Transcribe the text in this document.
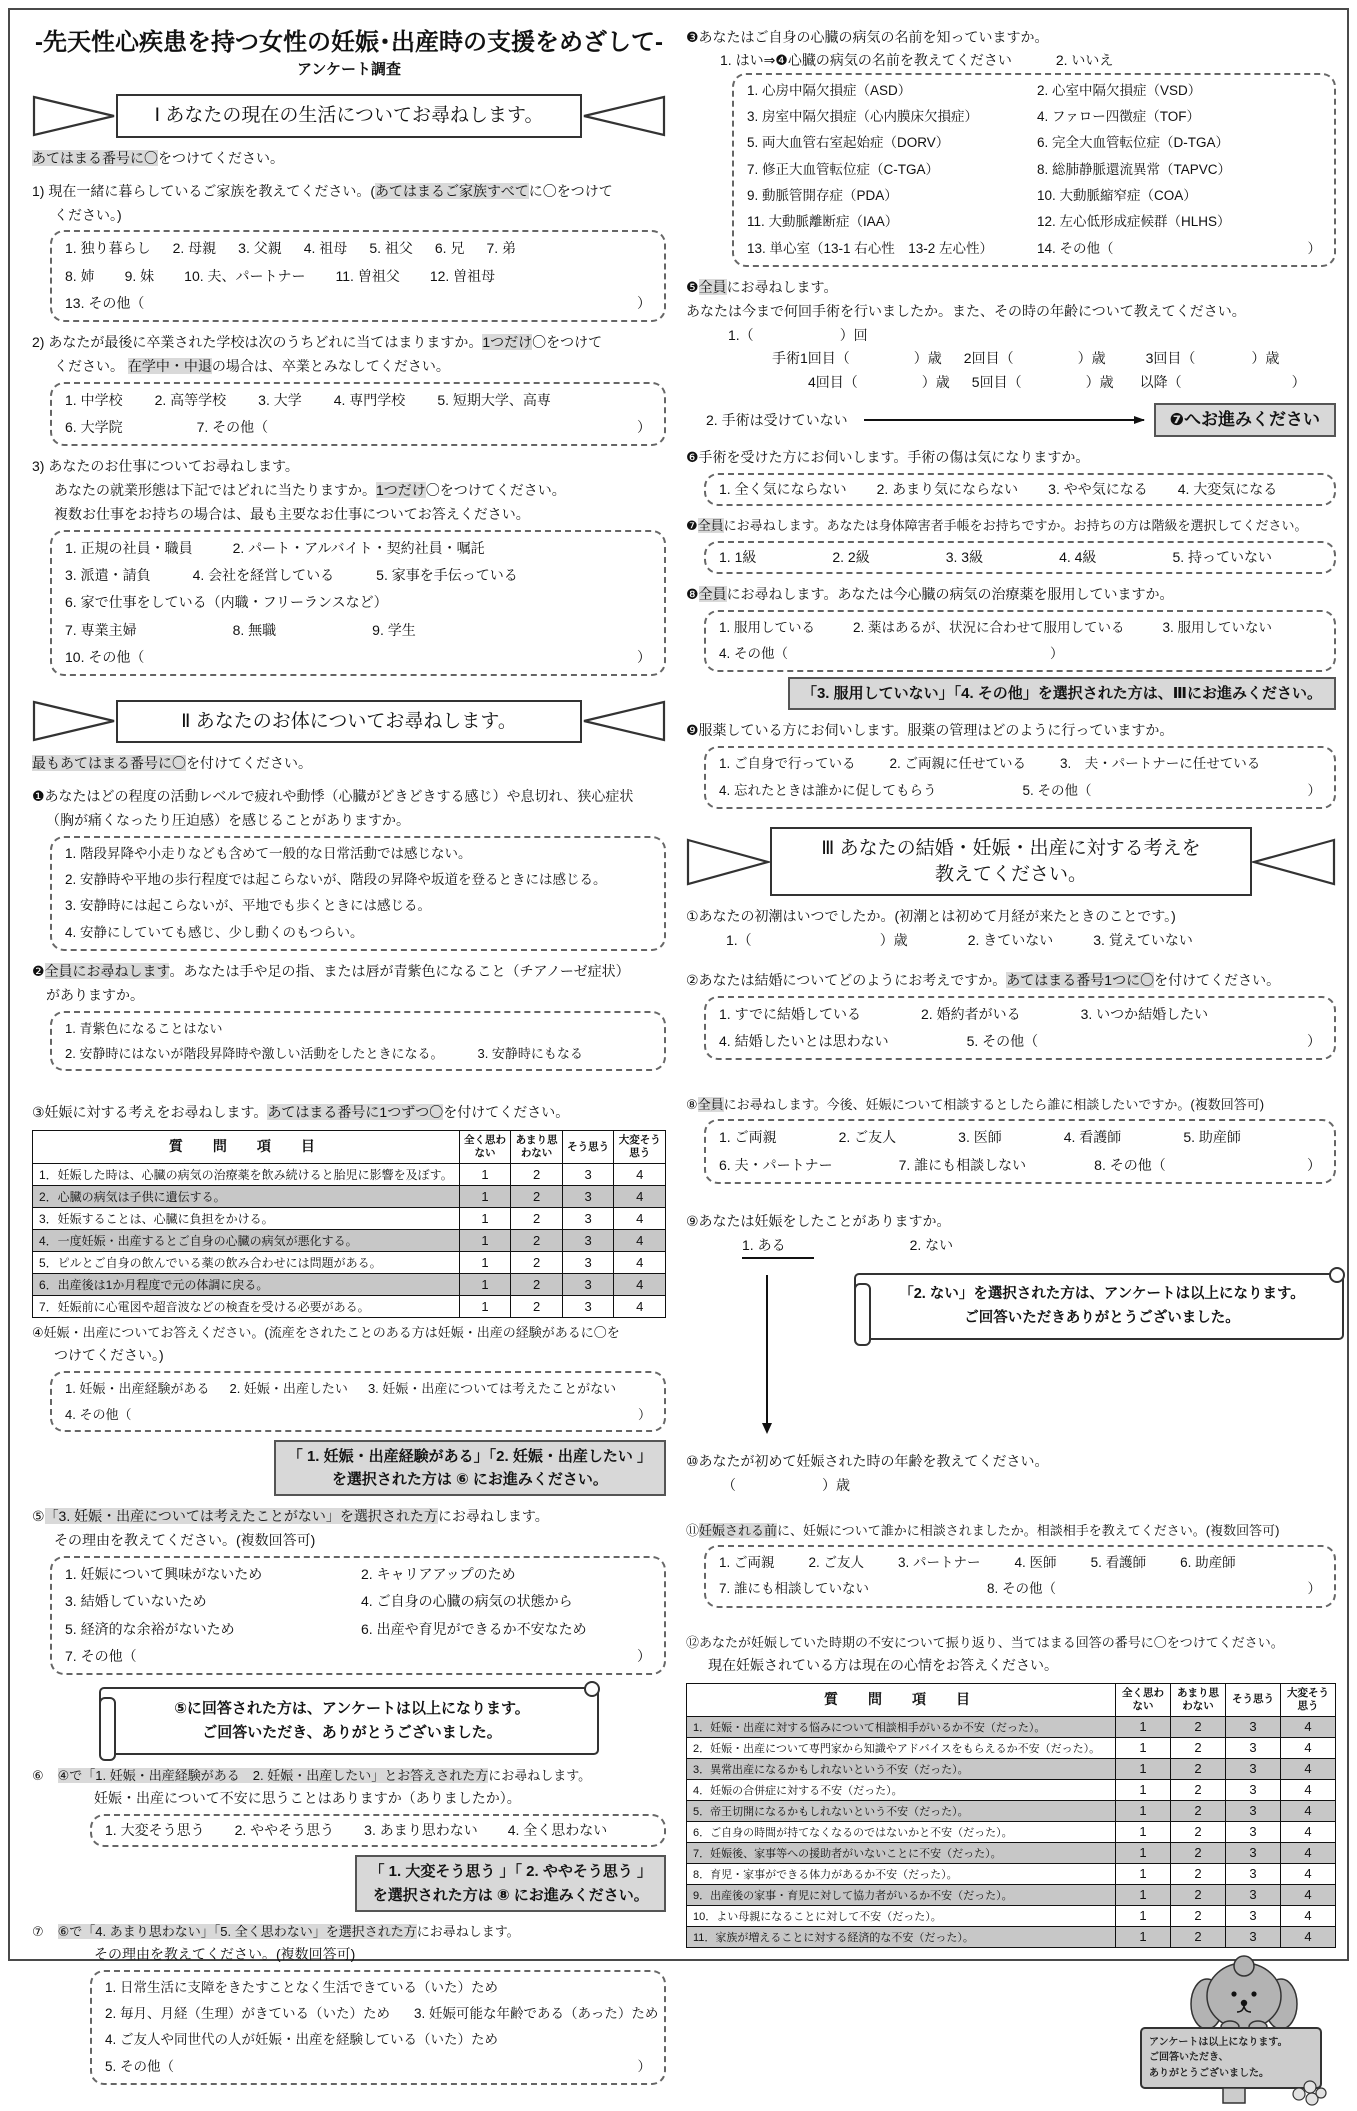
-先天性心疾患を持つ女性の妊娠･出産時の支援をめざして-
アンケート調査
Ⅰ あなたの現在の生活についてお尋ねします。
あてはまる番号に〇をつけてください。
1) 現在一緒に暮らしているご家族を教えてください。(あてはまるご家族すべてに〇をつけて
ください。)
1. 独り暮らし 2. 母親 3. 父親 4. 祖母 5. 祖父 6. 兄 7. 弟
8. 姉 9. 妹 10. 夫、パートナー 11. 曽祖父 12. 曽祖母
13. その他（	）
2) あなたが最後に卒業された学校は次のうちどれに当てはまりますか。1つだけ〇をつけて
ください。 在学中・中退の場合は、卒業とみなしてください。
1. 中学校 2. 高等学校 3. 大学 4. 専門学校 5. 短期大学、高専
6. 大学院	7. その他（	）
3) あなたのお仕事についてお尋ねします。
あなたの就業形態は下記ではどれに当たりますか。1つだけ〇をつけてください。
複数お仕事をお持ちの場合は、最も主要なお仕事についてお答えください。
1. 正規の社員・職員	2. パート・アルバイト・契約社員・嘱託
3. 派遣・請負	4. 会社を経営している	5. 家事を手伝っている
6. 家で仕事をしている（内職・フリーランスなど）
7. 専業主婦	8. 無職	9. 学生
10. その他（	）
Ⅱ あなたのお体についてお尋ねします。
最もあてはまる番号に〇を付けてください。
❶あなたはどの程度の活動レベルで疲れや動悸（心臓がどきどきする感じ）や息切れ、狭心症状
（胸が痛くなったり圧迫感）を感じることがありますか。
1. 階段昇降や小走りなども含めて一般的な日常活動では感じない。
2. 安静時や平地の歩行程度では起こらないが、階段の昇降や坂道を登るときには感じる。
3. 安静時には起こらないが、平地でも歩くときには感じる。
4. 安静にしていても感じ、少し動くのもつらい。
❷全員にお尋ねします。あなたは手や足の指、または唇が青紫色になること（チアノーゼ症状）
がありますか。
1. 青紫色になることはない
2. 安静時にはないが階段昇降時や激しい活動をしたときになる。	3. 安静時にもなる
③妊娠に対する考えをお尋ねします。あてはまる番号に1つずつ〇を付けてください。
質　問　項　目	全く思わない	あまり思わない	そう思う	大変そう思う
1．妊娠した時は、心臓の病気の治療薬を飲み続けると胎児に影響を及ぼす。	1	2	3	4
2．心臓の病気は子供に遺伝する。	1	2	3	4
3．妊娠することは、心臓に負担をかける。	1	2	3	4
4．一度妊娠・出産するとご自身の心臓の病気が悪化する。	1	2	3	4
5．ピルとご自身の飲んでいる薬の飲み合わせには問題がある。	1	2	3	4
6．出産後は1か月程度で元の体調に戻る。	1	2	3	4
7．妊娠前に心電図や超音波などの検査を受ける必要がある。	1	2	3	4
④妊娠・出産についてお答えください。(流産をされたことのある方は妊娠・出産の経験があるに〇を
つけてください。)
1. 妊娠・出産経験がある 2. 妊娠・出産したい 3. 妊娠・出産については考えたことがない
4. その他（	）
「 1. 妊娠・出産経験がある」「2. 妊娠・出産したい 」
を選択された方は ⑥ にお進みください。
⑤「3. 妊娠・出産については考えたことがない」を選択された方にお尋ねします。
その理由を教えてください。(複数回答可)
1. 妊娠について興味がないため	2. キャリアアップのため
3. 結婚していないため	4. ご自身の心臓の病気の状態から
5. 経済的な余裕がないため	6. 出産や育児ができるか不安なため
7. その他（	）
⑤に回答された方は、アンケートは以上になります。
ご回答いただき、ありがとうございました。
⑥ ④で「1. 妊娠・出産経験がある　2. 妊娠・出産したい」とお答えされた方にお尋ねします。
妊娠・出産について不安に思うことはありますか（ありましたか）。
1. 大変そう思う 2. ややそう思う 3. あまり思わない 4. 全く思わない
「 1. 大変そう思う 」「 2. ややそう思う 」
を選択された方は ⑧ にお進みください。
⑦ ⑥で「4. あまり思わない」「5. 全く思わない」を選択された方にお尋ねします。
その理由を教えてください。(複数回答可)
1. 日常生活に支障をきたすことなく生活できている（いた）ため
2. 毎月、月経（生理）がきている（いた）ため 3. 妊娠可能な年齢である（あった）ため
4. ご友人や同世代の人が妊娠・出産を経験している（いた）ため
5. その他（	）
❸あなたはご自身の心臓の病気の名前を知っていますか。
1. はい⇒❹心臓の病気の名前を教えてください	2. いいえ
1. 心房中隔欠損症（ASD）	2. 心室中隔欠損症（VSD）
3. 房室中隔欠損症（心内膜床欠損症）	4. ファロー四徴症（TOF）
5. 両大血管右室起始症（DORV）	6. 完全大血管転位症（D-TGA）
7. 修正大血管転位症（C-TGA）	8. 総肺静脈還流異常（TAPVC）
9. 動脈管開存症（PDA）	10. 大動脈縮窄症（COA）
11. 大動脈離断症（IAA）	12. 左心低形成症候群（HLHS）
13. 単心室（13-1 右心性　13-2 左心性）	14. その他（	）
❺全員にお尋ねします。
あなたは今まで何回手術を行いましたか。また、その時の年齢について教えてください。
1.（	）回
手術1回目（	）歳 2回目（	）歳	3回目（	）歳
4回目（	）歳 5回目（	）歳 以降（	）
2. 手術は受けていない	❼へお進みください
❻手術を受けた方にお伺いします。手術の傷は気になりますか。
1. 全く気にならない 2. あまり気にならない 3. やや気になる 4. 大変気になる
❼全員にお尋ねします。あなたは身体障害者手帳をお持ちですか。お持ちの方は階級を選択してください。
1. 1級	2. 2級	3. 3級	4. 4級	5. 持っていない
❽全員にお尋ねします。あなたは今心臓の病気の治療薬を服用していますか。
1. 服用している	2. 薬はあるが、状況に合わせて服用している	3. 服用していない
4. その他（	）
「3. 服用していない」「4. その他」を選択された方は、Ⅲにお進みください。
❾服薬している方にお伺いします。服薬の管理はどのように行っていますか。
1. ご自身で行っている	2. ご両親に任せている	3.　夫・パートナーに任せている
4. 忘れたときは誰かに促してもらう	5. その他（	）
Ⅲ あなたの結婚・妊娠・出産に対する考えを
教えてください。
①あなたの初潮はいつでしたか。(初潮とは初めて月経が来たときのことです。)
1.（	）歳	2. きていない	3. 覚えていない
②あなたは結婚についてどのようにお考えですか。あてはまる番号1つに〇を付けてください。
1. すでに結婚している	2. 婚約者がいる	3. いつか結婚したい
4. 結婚したいとは思わない	5. その他（	）
⑧全員にお尋ねします。今後、妊娠について相談するとしたら誰に相談したいですか。(複数回答可)
1. ご両親	2. ご友人	3. 医師	4. 看護師	5. 助産師
6. 夫・パートナー	7. 誰にも相談しない	8. その他（	）
⑨あなたは妊娠をしたことがありますか。
1. ある	2. ない
「2. ない」を選択された方は、アンケートは以上になります。
ご回答いただきありがとうございました。
⑩あなたが初めて妊娠された時の年齢を教えてください。
（	）歳
⑪妊娠される前に、妊娠について誰かに相談されましたか。相談相手を教えてください。(複数回答可)
1. ご両親	2. ご友人	3. パートナー	4. 医師	5. 看護師	6. 助産師
7. 誰にも相談していない	8. その他（	）
⑫あなたが妊娠していた時期の不安について振り返り、当てはまる回答の番号に〇をつけてください。
現在妊娠されている方は現在の心情をお答えください。
質　問　項　目	全く思わない	あまり思わない	そう思う	大変そう思う
1．妊娠・出産に対する悩みについて相談相手がいるか不安（だった）。	1	2	3	4
2．妊娠・出産について専門家から知識やアドバイスをもらえるか不安（だった）。	1	2	3	4
3．異常出産になるかもしれないという不安（だった）。	1	2	3	4
4．妊娠の合併症に対する不安（だった）。	1	2	3	4
5．帝王切開になるかもしれないという不安（だった）。	1	2	3	4
6．ご自身の時間が持てなくなるのではないかと不安（だった）。	1	2	3	4
7．妊娠後、家事等への援助者がいないことに不安（だった）。	1	2	3	4
8．育児・家事ができる体力があるか不安（だった）。	1	2	3	4
9．出産後の家事・育児に対して協力者がいるか不安（だった）。	1	2	3	4
10．よい母親になることに対して不安（だった）。	1	2	3	4
11．家族が増えることに対する経済的な不安（だった）。	1	2	3	4
アンケートは以上になります。
ご回答いただき、
ありがとうございました。
